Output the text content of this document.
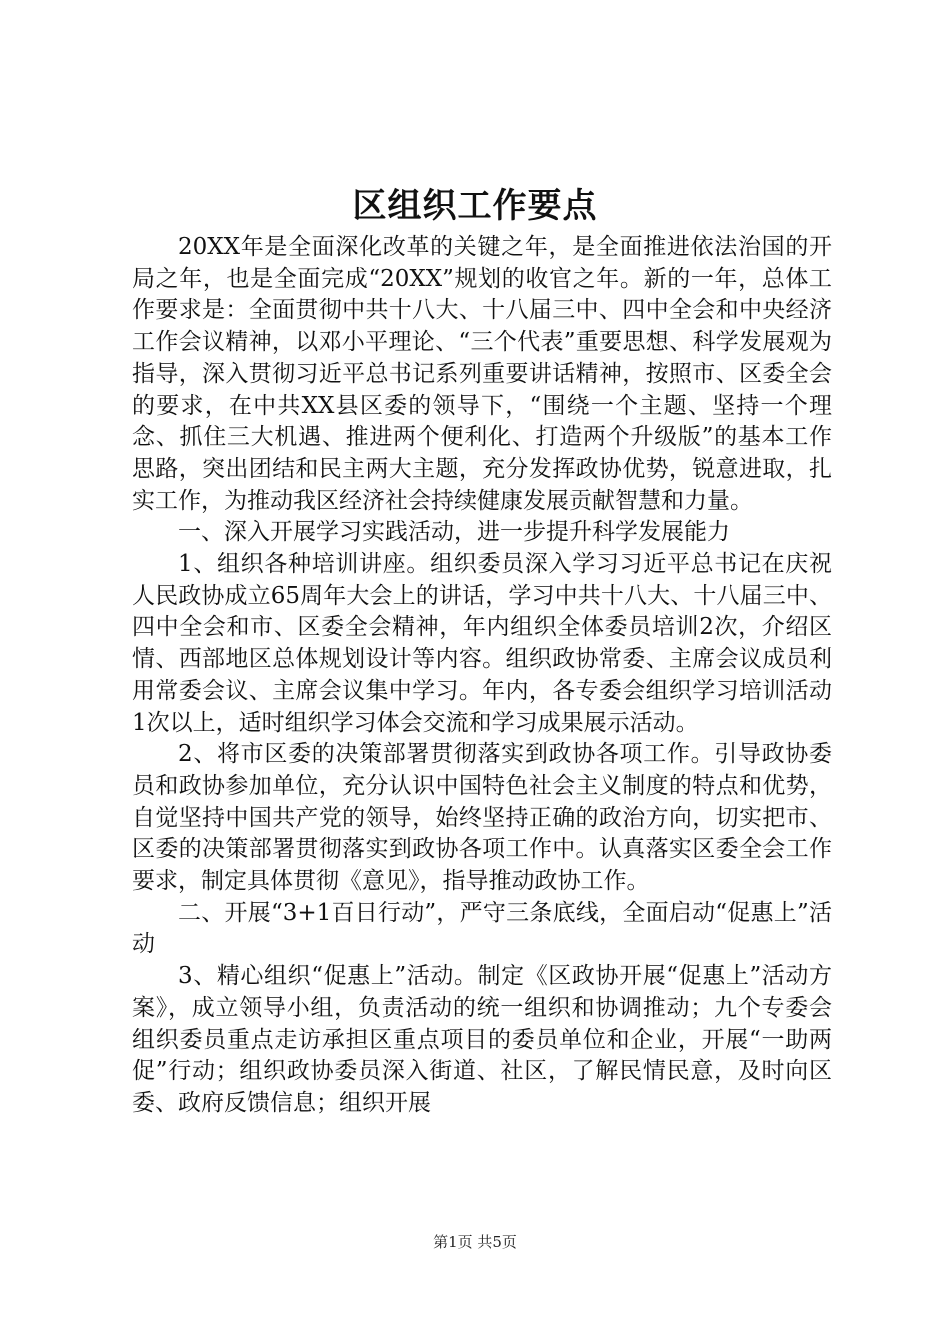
区组织工作要点

20XX年是全面深化改革的关键之年，是全面推进依法治国的开局之年，也是全面完成“20XX”规划的收官之年。新的一年，总体工作要求是：全面贯彻中共十八大、十八届三中、四中全会和中央经济工作会议精神，以邓小平理论、“三个代表”重要思想、科学发展观为指导，深入贯彻习近平总书记系列重要讲话精神，按照市、区委全会的要求，在中共XX县区委的领导下，“围绕一个主题、坚持一个理念、抓住三大机遇、推进两个便利化、打造两个升级版”的基本工作思路，突出团结和民主两大主题，充分发挥政协优势，锐意进取，扎实工作，为推动我区经济社会持续健康发展贡献智慧和力量。

一、深入开展学习实践活动，进一步提升科学发展能力

1、组织各种培训讲座。组织委员深入学习习近平总书记在庆祝人民政协成立65周年大会上的讲话，学习中共十八大、十八届三中、四中全会和市、区委全会精神，年内组织全体委员培训2次，介绍区情、西部地区总体规划设计等内容。组织政协常委、主席会议成员利用常委会议、主席会议集中学习。年内，各专委会组织学习培训活动1次以上，适时组织学习体会交流和学习成果展示活动。

2、将市区委的决策部署贯彻落实到政协各项工作。引导政协委员和政协参加单位，充分认识中国特色社会主义制度的特点和优势，自觉坚持中国共产党的领导，始终坚持正确的政治方向，切实把市、区委的决策部署贯彻落实到政协各项工作中。认真落实区委全会工作要求，制定具体贯彻《意见》，指导推动政协工作。

二、开展“3+1百日行动”，严守三条底线，全面启动“促惠上”活动

3、精心组织“促惠上”活动。制定《区政协开展“促惠上”活动方案》，成立领导小组，负责活动的统一组织和协调推动；九个专委会组织委员重点走访承担区重点项目的委员单位和企业，开展“一助两促”行动；组织政协委员深入街道、社区，了解民情民意，及时向区委、政府反馈信息；组织开展

第1页 共5页
